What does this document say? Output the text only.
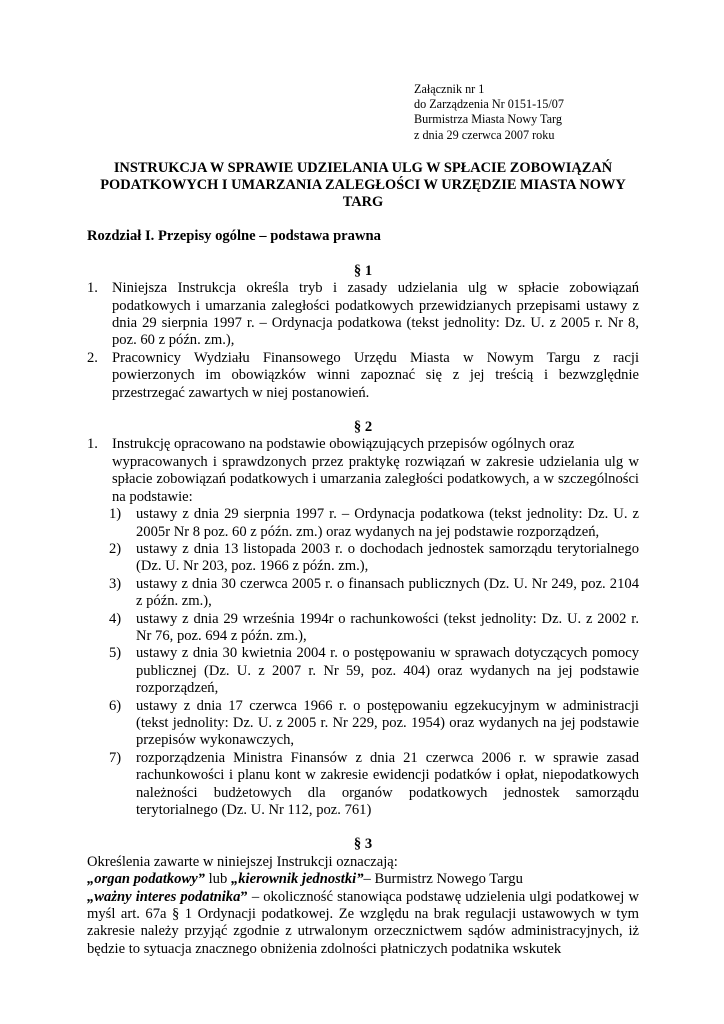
Załącznik nr 1
do Zarządzenia Nr 0151-15/07
Burmistrza Miasta Nowy Targ
z dnia 29 czerwca 2007 roku
INSTRUKCJA W SPRAWIE UDZIELANIA ULG W SPŁACIE ZOBOWIĄZAŃ PODATKOWYCH I UMARZANIA ZALEGŁOŚCI W URZĘDZIE MIASTA NOWY TARG
Rozdział I. Przepisy ogólne – podstawa prawna
§ 1
1. Niniejsza Instrukcja określa tryb i zasady udzielania ulg w spłacie zobowiązań podatkowych i umarzania zaległości podatkowych przewidzianych przepisami ustawy z dnia 29 sierpnia 1997 r. – Ordynacja podatkowa (tekst jednolity: Dz. U. z 2005 r. Nr 8, poz. 60 z późn. zm.),
2. Pracownicy Wydziału Finansowego Urzędu Miasta w Nowym Targu z racji powierzonych im obowiązków winni zapoznać się z jej treścią i bezwzględnie przestrzegać zawartych w niej postanowień.
§ 2
1. Instrukcję opracowano na podstawie obowiązujących przepisów ogólnych oraz

wypracowanych i sprawdzonych przez praktykę rozwiązań w zakresie udzielania ulg w spłacie zobowiązań podatkowych i umarzania zaległości podatkowych, a w szczególności na podstawie:

1)	ustawy z dnia 29 sierpnia 1997 r. – Ordynacja podatkowa (tekst jednolity: Dz. U. z 2005r Nr 8 poz. 60 z późn. zm.) oraz wydanych na jej podstawie rozporządzeń,
2)	ustawy z dnia 13 listopada 2003 r. o dochodach jednostek samorządu terytorialnego (Dz. U. Nr 203, poz. 1966 z późn. zm.),
3)	ustawy z dnia 30 czerwca 2005 r. o finansach publicznych (Dz. U. Nr 249, poz. 2104 z późn. zm.),
4)	ustawy z dnia 29 września 1994r o rachunkowości (tekst jednolity: Dz. U. z 2002 r. Nr 76, poz. 694 z późn. zm.),
5)	ustawy z dnia 30 kwietnia 2004 r. o postępowaniu w sprawach dotyczących pomocy publicznej (Dz. U. z 2007 r. Nr 59, poz. 404) oraz wydanych na jej podstawie rozporządzeń,
6)	ustawy z dnia 17 czerwca 1966 r. o postępowaniu egzekucyjnym w administracji (tekst jednolity: Dz. U. z 2005 r. Nr 229, poz. 1954) oraz wydanych na jej podstawie przepisów wykonawczych,
7)	rozporządzenia Ministra Finansów z dnia 21 czerwca 2006 r. w sprawie zasad rachunkowości i planu kont w zakresie ewidencji podatków i opłat, niepodatkowych należności budżetowych dla organów podatkowych jednostek samorządu terytorialnego (Dz. U. Nr 112, poz. 761)
§ 3

Określenia zawarte w niniejszej Instrukcji oznaczają:

„organ podatkowy” lub „kierownik jednostki”– Burmistrz Nowego Targu

„ważny interes podatnika” – okoliczność stanowiąca podstawę udzielenia ulgi podatkowej w myśl art. 67a § 1 Ordynacji podatkowej. Ze względu na brak regulacji ustawowych w tym zakresie należy przyjąć zgodnie z utrwalonym orzecznictwem sądów administracyjnych, iż będzie to sytuacja znacznego obniżenia zdolności płatniczych podatnika wskutek
